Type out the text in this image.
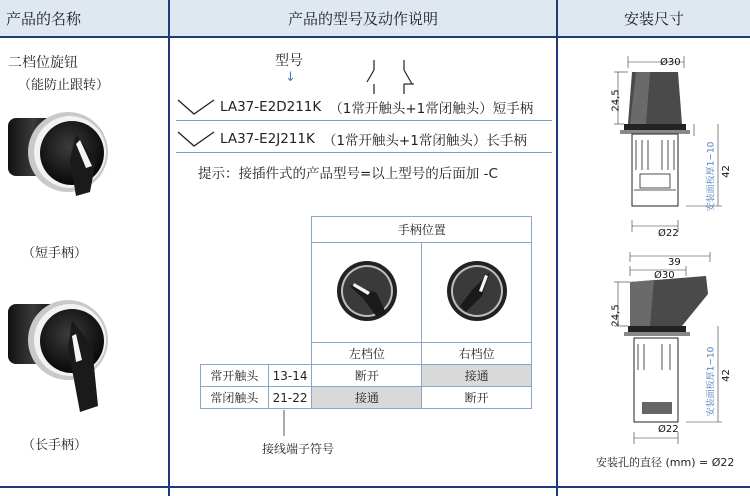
产品的名称	产品的型号及动作说明	安装尺寸
二档位旋钮
（能防止跟转）
（短手柄）
（长手柄）
型号
↓
LA37-E2D211K （1常开触头+1常闭触头）短手柄
LA37-E2J211K （1常开触头+1常闭触头）长手柄
提示：接插件式的产品型号=以上型号的后面加 -C
		手柄位置	

		左档位	右档位
常开触头	13-14	断开	接通
常闭触头	21-22	接通	断开
接线端子符号
Ø30
24,5
安装面板厚1~10 42
Ø22
39
Ø30
24,5
安装面板厚1~10 42
Ø22
安装孔的直径 (mm) = Ø22
